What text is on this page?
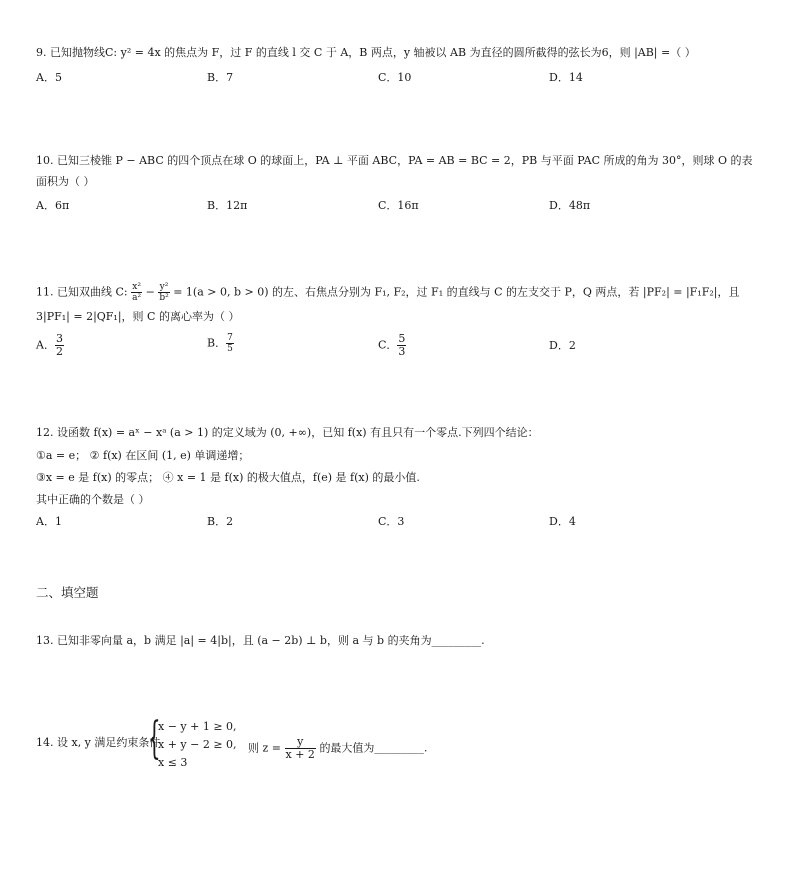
9. 已知抛物线C: y² = 4x 的焦点为 F，过 F 的直线 l 交 C 于 A，B 两点，y 轴被以 AB 为直径的圆所截得的弦长为6，则 |AB| =（ ）
A．5	B．7	C．10	D．14
10. 已知三棱锥 P − ABC 的四个顶点在球 O 的球面上，PA ⊥ 平面 ABC，PA = AB = BC = 2，PB 与平面 PAC 所成的角为 30°，则球 O 的表
面积为（ ）
A．6π	B．12π	C．16π	D．48π
11. 已知双曲线 C: $\frac{\text{x²}}{\text{a²}} - \frac{\text{y²}}{\text{b²}} = 1(a > 0$, b > 0) 的左、右焦点分别为 F₁, F₂，过 F₁ 的直线与 C 的左支交于 P，Q 两点，若 |PF₂| = |F₁F₂|，且
3|PF₁| = 2|QF₁|，则 C 的离心率为（ ）
A． $\frac{3}{2}$	B． $\frac{7}{5}$	C． $\frac{5}{3}$	D．2
12. 设函数 f(x) = aˣ − xᵃ (a > 1) 的定义域为 (0, +∞)，已知 f(x) 有且只有一个零点.下列四个结论：
①a = e； ② f(x) 在区间 (1, e) 单调递增；
③x = e 是 f(x) 的零点； ④ x = 1 是 f(x) 的极大值点，f(e) 是 f(x) 的最小值.
其中正确的个数是（ ）
A．1	B．2	C．3	D．4
二、填空题
13. 已知非零向量 a，b 满足 |a| = 4|b|，且 (a − 2b) ⊥ b，则 a 与 b 的夹角为_________.
14. 设 x, y 满足约束条件
{
x − y + 1 ≥ 0,
x + y − 2 ≥ 0,
x ≤ 3
则 $z = \frac{y}{x + 2}$ 的最大值为_________.
